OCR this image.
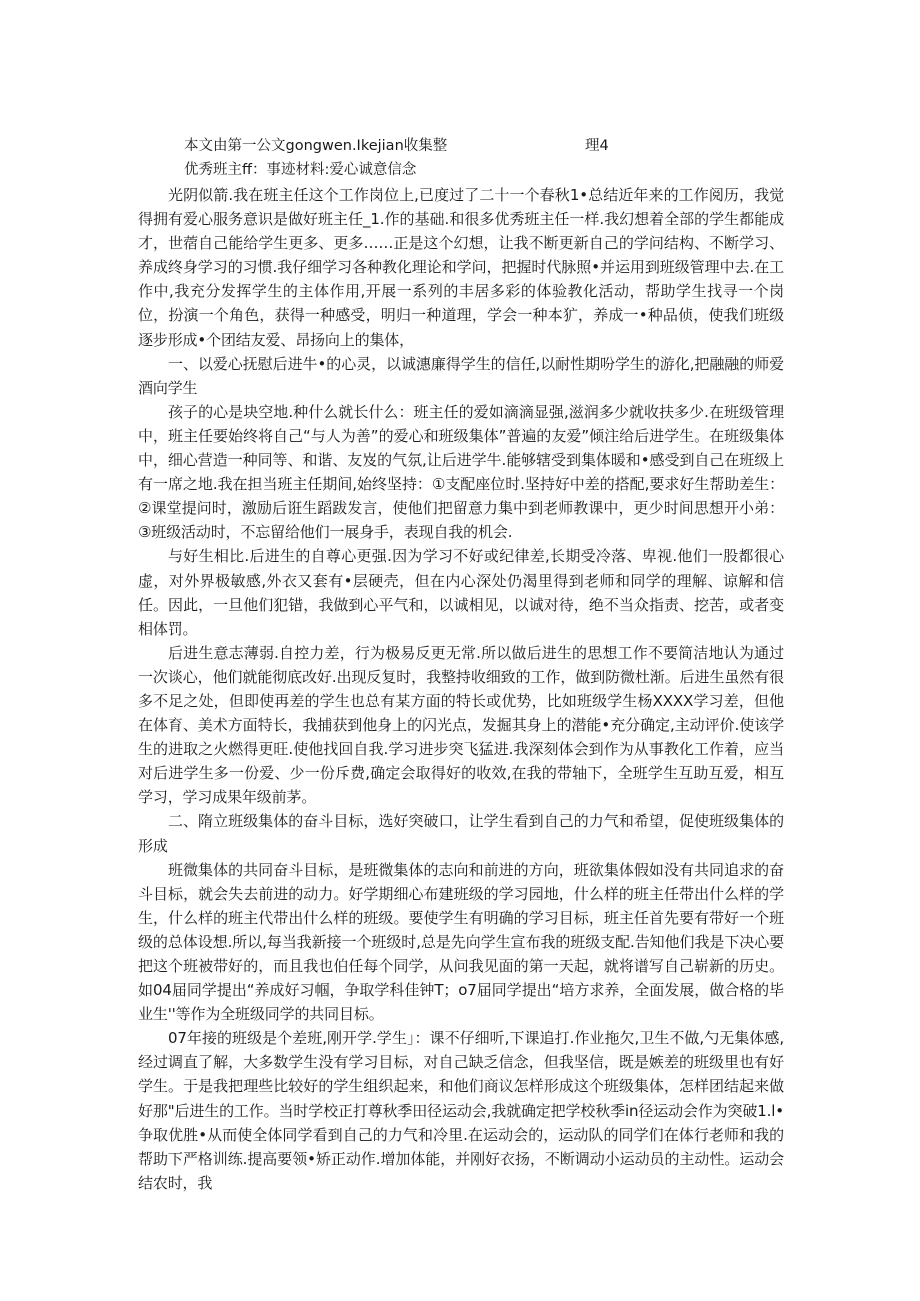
本文由第一公文gongwen.Ikejian收集整	理4
优秀班主ff：事迹材料:爱心诚意信念

光阴似箭.我在班主任这个工作岗位上,已度过了二十一个春秋1•总结近年来的工作阅历，我觉得拥有爱心服务意识是做好班主任_1.作的基础.和很多优秀班主任一样.我幻想着全部的学生都能成才，世蓿自己能给学生更多、更多……正是这个幻想，让我不断更新自己的学问结构、不断学习、养成终身学习的习惯.我仔细学习各种教化理论和学问，把握时代脉照•并运用到班级管理中去.在工作中,我充分发挥学生的主体作用,开展一系列的丰居多彩的体验教化活动，帮助学生找寻一个岗位，扮演一个角色，获得一种感受，明归一种道理，学会一种本犷，养成一•种品侦，使我们班级逐步形成•个团结友爱、昂扬向上的集体，

一、以爱心抚慰后进牛•的心灵，以诚潓廉得学生的信任,以耐性期吩学生的游化,把融融的师爱酒向学生

孩子的心是块空地.种什么就长什么：班主任的爱如滴滴显强,滋润多少就收扶多少.在班级管理中，班主任要始终将自己“与人为善”的爱心和班级集体”普遍的友爱”倾注给后进学生。在班级集体中，细心营造一种同等、和谐、友岌的气氛,让后进学牛.能够辖受到集体暖和•感受到自己在班级上有一席之地.我在担当班主任期间,始终坚持：①支配座位时.坚持好中差的搭配,要求好生帮助差生：②课堂提问时，激励后诳生蹈跋发言，使他们把留意力集中到老师教课中，更少时间思想开小弟：③班级活动时，不忘留给他们一展身手，表现自我的机会.

与好生相比.后进生的自尊心更强.因为学习不好或纪律差,长期受冷落、卑视.他们一股都很心虚，对外界极敏感,外衣又套有•层硬壳，但在内心深处仍渴里得到老师和同学的理解、谅解和信任。因此，一旦他们犯错，我做到心平气和，以诚相见，以诚对待，绝不当众指责、挖苦，或者变相体罚。

后进生意志薄弱.自控力差，行为极易反更无常.所以做后进生的思想工作不要简洁地认为通过一次谈心，他们就能彻底改好.出现反复时，我整持收细致的工作，做到防微杜渐。后进生虽然有很多不足之处，但即使再差的学生也总有某方面的特长或优势，比如班级学生杨XXXX学习差，但他在体育、美术方面特长，我捕获到他身上的闪光点，发掘其身上的潜能•充分确定,主动评价.使该学生的进取之火燃得更旺.使他找回自我.学习进步突飞猛进.我深刻体会到作为从事教化工作着，应当对后进学生多一份爱、少一份斥费,确定会取得好的收效,在我的带轴下，全班学生互助互爱，相互学习，学习成果年级前茅。

二、隋立班级集体的奋斗目标，选好突破口，让学生看到自己的力气和希望，促使班级集体的形成

班微集体的共同奋斗目标，是班微集体的志向和前进的方向，班欲集体假如没有共同追求的奋斗目标，就会失去前进的动力。好学期细心布建班级的学习园地，什么样的班主任带出什么样的学生，什么样的班主代带出什么样的班级。要使学生有明确的学习目标，班主任首先要有带好一个班级的总体设想.所以,每当我新接一个班级时,总是先向学生宣布我的班级支配.告知他们我是下决心要把这个班被带好的，而且我也伯任每个同学，从问我见面的第一天起，就将谱写自己崭新的历史。如04届同学提出“养成好习帼，争取学科佳钟T；o7届同学提出“培方求养，全面发展，做合格的毕业生''等作为全班级同学的共同目标。

07年接的班级是个差班,刚开学.学生」：课不仔细听,下课追打.作业拖欠,卫生不做,勺无集体感,经过调直了解，大多数学生没有学习目标，对自己缺乏信念，但我坚信，既是嫉差的班级里也有好学生。于是我把理些比较好的学生组织起来，和他们商议怎样形成这个班级集体，怎样团结起来做好那"后进生的工作。当时学校正打尊秋季田径运动会,我就确定把学校秋季in径运动会作为突破1.l•争取优胜•从而使全体同学看到自己的力气和冷里.在运动会的，运动队的同学们在体行老师和我的帮助下严格训练.提高要领•矫正动作.增加体能，并刚好衣扬，不断调动小运动员的主动性。运动会结农时，我
